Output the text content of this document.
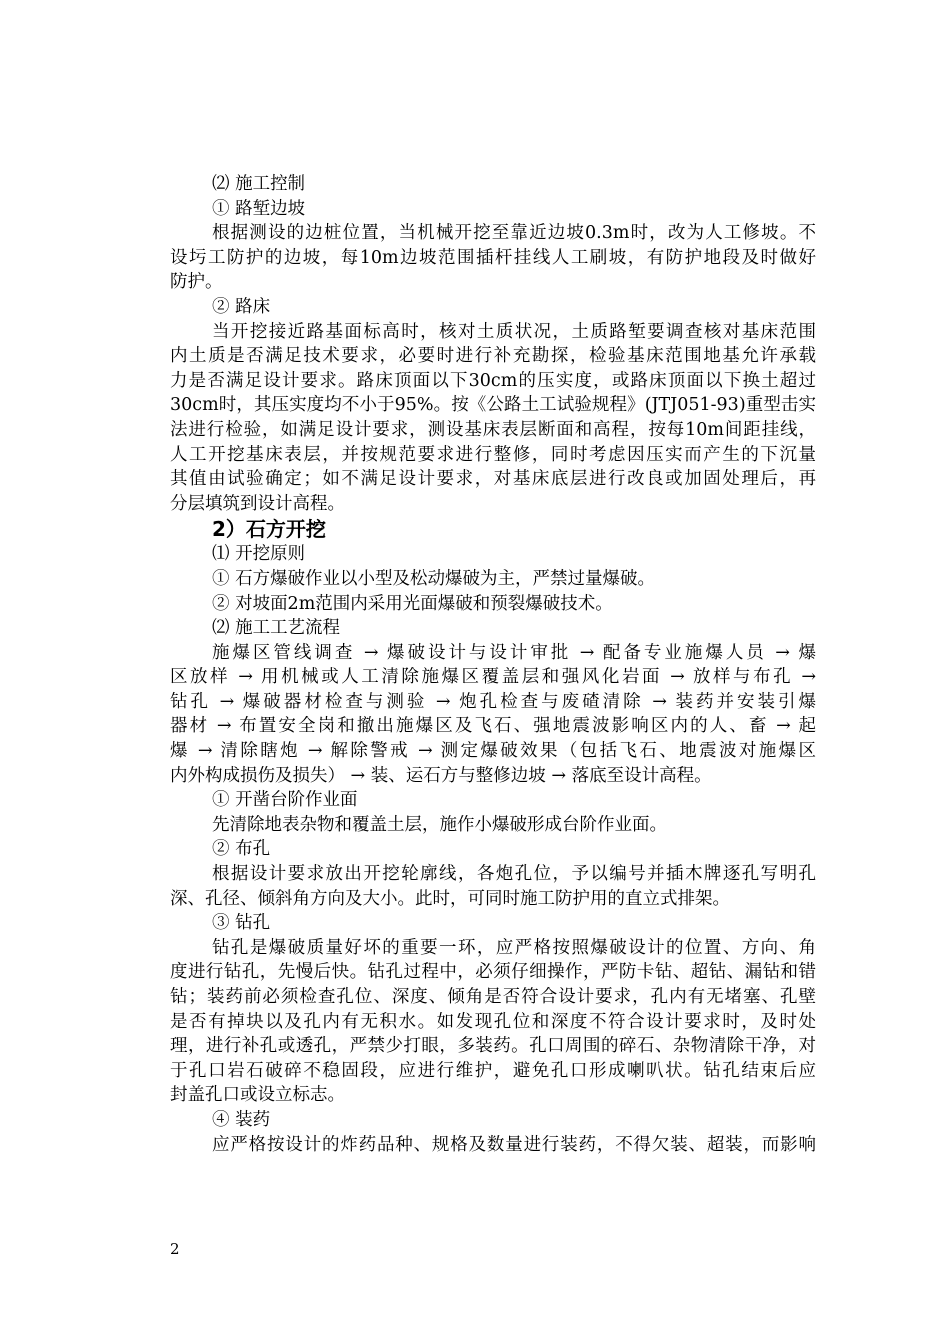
⑵ 施工控制
① 路堑边坡
根据测设的边桩位置，当机械开挖至靠近边坡0.3m时，改为人工修坡。不
设圬工防护的边坡，每10m边坡范围插杆挂线人工刷坡，有防护地段及时做好
防护。
② 路床
当开挖接近路基面标高时，核对土质状况，土质路堑要调查核对基床范围
内土质是否满足技术要求，必要时进行补充勘探，检验基床范围地基允许承载
力是否满足设计要求。路床顶面以下30cm的压实度，或路床顶面以下换土超过
30cm时，其压实度均不小于95%。按《公路土工试验规程》(JTJ051-93)重型击实
法进行检验，如满足设计要求，测设基床表层断面和高程，按每10m间距挂线，
人工开挖基床表层，并按规范要求进行整修，同时考虑因压实而产生的下沉量
其值由试验确定；如不满足设计要求，对基床底层进行改良或加固处理后，再
分层填筑到设计高程。
2）石方开挖
⑴ 开挖原则
① 石方爆破作业以小型及松动爆破为主，严禁过量爆破。
② 对坡面2m范围内采用光面爆破和预裂爆破技术。
⑵ 施工工艺流程
施爆区管线调查 → 爆破设计与设计审批 → 配备专业施爆人员 → 爆
区放样 → 用机械或人工清除施爆区覆盖层和强风化岩面 → 放样与布孔 →
钻孔 → 爆破器材检查与测验 → 炮孔检查与废碴清除 → 装药并安装引爆
器材 → 布置安全岗和撤出施爆区及飞石、强地震波影响区内的人、畜 → 起
爆 → 清除瞎炮 → 解除警戒 → 测定爆破效果（包括飞石、地震波对施爆区
内外构成损伤及损失） → 装、运石方与整修边坡 → 落底至设计高程。
① 开凿台阶作业面
先清除地表杂物和覆盖土层，施作小爆破形成台阶作业面。
② 布孔
根据设计要求放出开挖轮廓线，各炮孔位，予以编号并插木牌逐孔写明孔
深、孔径、倾斜角方向及大小。此时，可同时施工防护用的直立式排架。
③ 钻孔
钻孔是爆破质量好坏的重要一环，应严格按照爆破设计的位置、方向、角
度进行钻孔，先慢后快。钻孔过程中，必须仔细操作，严防卡钻、超钻、漏钻和错
钻；装药前必须检查孔位、深度、倾角是否符合设计要求，孔内有无堵塞、孔壁
是否有掉块以及孔内有无积水。如发现孔位和深度不符合设计要求时，及时处
理，进行补孔或透孔，严禁少打眼，多装药。孔口周围的碎石、杂物清除干净，对
于孔口岩石破碎不稳固段，应进行维护，避免孔口形成喇叭状。钻孔结束后应
封盖孔口或设立标志。
④ 装药
应严格按设计的炸药品种、规格及数量进行装药，不得欠装、超装，而影响
2
